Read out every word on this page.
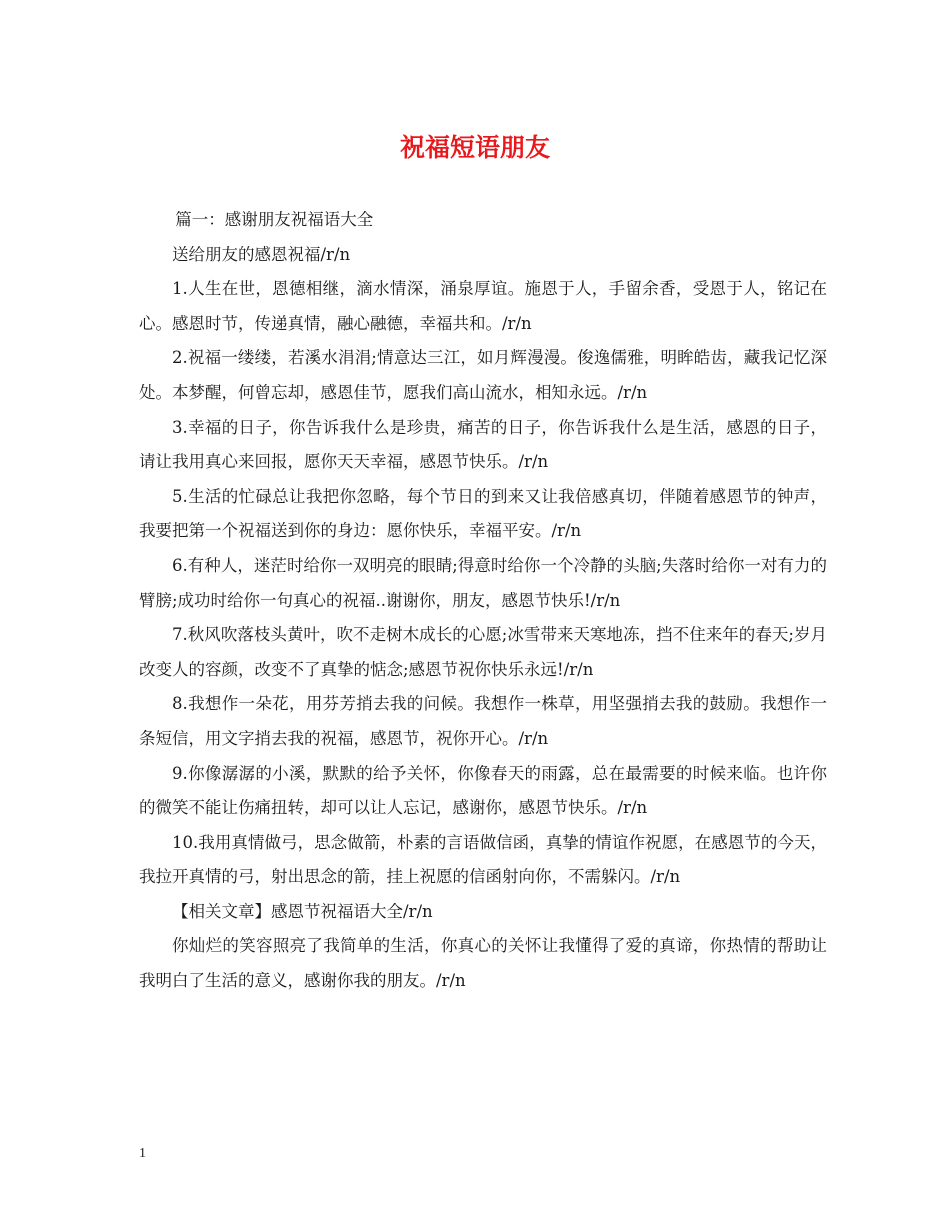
祝福短语朋友

篇一：感谢朋友祝福语大全

送给朋友的感恩祝福/r/n

1.人生在世，恩德相继，滴水情深，涌泉厚谊。施恩于人，手留余香，受恩于人，铭记在心。感恩时节，传递真情，融心融德，幸福共和。/r/n

2.祝福一缕缕，若溪水涓涓;情意达三江，如月辉漫漫。俊逸儒雅，明眸皓齿，藏我记忆深处。本梦醒，何曾忘却，感恩佳节，愿我们高山流水，相知永远。/r/n

3.幸福的日子，你告诉我什么是珍贵，痛苦的日子，你告诉我什么是生活，感恩的日子，请让我用真心来回报，愿你天天幸福，感恩节快乐。/r/n

5.生活的忙碌总让我把你忽略，每个节日的到来又让我倍感真切，伴随着感恩节的钟声，我要把第一个祝福送到你的身边：愿你快乐，幸福平安。/r/n

6.有种人，迷茫时给你一双明亮的眼睛;得意时给你一个冷静的头脑;失落时给你一对有力的臂膀;成功时给你一句真心的祝福..谢谢你，朋友，感恩节快乐!/r/n

7.秋风吹落枝头黄叶，吹不走树木成长的心愿;冰雪带来天寒地冻，挡不住来年的春天;岁月改变人的容颜，改变不了真挚的惦念;感恩节祝你快乐永远!/r/n

8.我想作一朵花，用芬芳捎去我的问候。我想作一株草，用坚强捎去我的鼓励。我想作一条短信，用文字捎去我的祝福，感恩节，祝你开心。/r/n

9.你像潺潺的小溪，默默的给予关怀，你像春天的雨露，总在最需要的时候来临。也许你的微笑不能让伤痛扭转，却可以让人忘记，感谢你，感恩节快乐。/r/n

10.我用真情做弓，思念做箭，朴素的言语做信函，真挚的情谊作祝愿，在感恩节的今天，我拉开真情的弓，射出思念的箭，挂上祝愿的信函射向你，不需躲闪。/r/n

【相关文章】感恩节祝福语大全/r/n

你灿烂的笑容照亮了我简单的生活，你真心的关怀让我懂得了爱的真谛，你热情的帮助让我明白了生活的意义，感谢你我的朋友。/r/n

1
